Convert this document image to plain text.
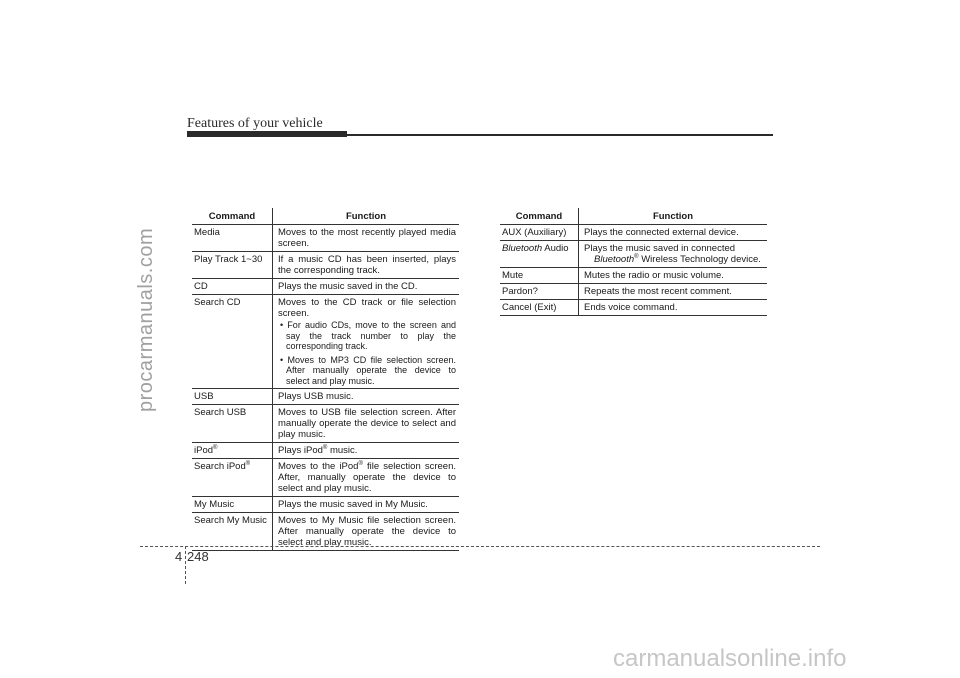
Features of your vehicle
procarmanuals.com
Command	Function
Media	Moves to the most recently played media screen.
Play Track 1~30	If a music CD has been inserted, plays the corresponding track.
CD	Plays the music saved in the CD.
Search CD	Moves to the CD track or file selection screen.
• For audio CDs, move to the screen and say the track number to play the corresponding track.
• Moves to MP3 CD file selection screen. After manually operate the device to select and play music.

USB	Plays USB music.
Search USB	Moves to USB file selection screen. After manually operate the device to select and play music.
iPod®	Plays iPod® music.
Search iPod®	Moves to the iPod® file selection screen. After, manually operate the device to select and play music.
My Music	Plays the music saved in My Music.
Search My Music	Moves to My Music file selection screen. After manually operate the device to select and play music.
Command	Function
AUX (Auxiliary)	Plays the connected external device.
Bluetooth Audio	Plays the music saved in connected
Bluetooth® Wireless Technology device.

Mute	Mutes the radio or music volume.
Pardon?	Repeats the most recent comment.
Cancel (Exit)	Ends voice command.
4 248
carmanualsonline.info
